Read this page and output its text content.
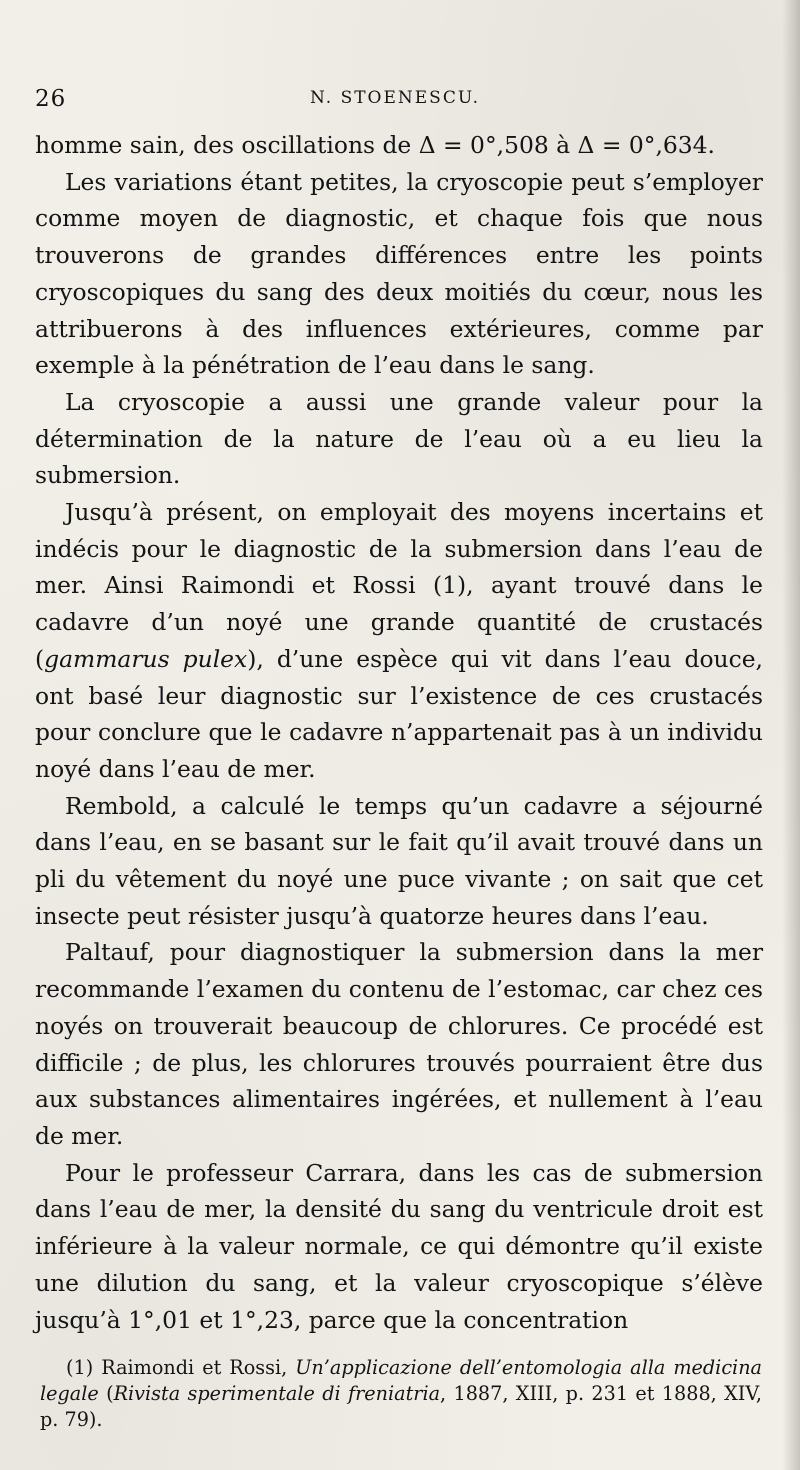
26	N. STOENESCU.

homme sain, des oscillations de Δ = 0°,508 à Δ = 0°,634.

Les variations étant petites, la cryoscopie peut s’employer comme moyen de diagnostic, et chaque fois que nous trouverons de grandes différences entre les points cryoscopiques du sang des deux moitiés du cœur, nous les attribuerons à des influences extérieures, comme par exemple à la pénétration de l’eau dans le sang.

La cryoscopie a aussi une grande valeur pour la détermination de la nature de l’eau où a eu lieu la submersion.

Jusqu’à présent, on employait des moyens incertains et indécis pour le diagnostic de la submersion dans l’eau de mer. Ainsi Raimondi et Rossi (1), ayant trouvé dans le cadavre d’un noyé une grande quantité de crustacés (gammarus pulex), d’une espèce qui vit dans l’eau douce, ont basé leur diagnostic sur l’existence de ces crustacés pour conclure que le cadavre n’appartenait pas à un individu noyé dans l’eau de mer.

Rembold, a calculé le temps qu’un cadavre a séjourné dans l’eau, en se basant sur le fait qu’il avait trouvé dans un pli du vêtement du noyé une puce vivante ; on sait que cet insecte peut résister jusqu’à quatorze heures dans l’eau.

Paltauf, pour diagnostiquer la submersion dans la mer recommande l’examen du contenu de l’estomac, car chez ces noyés on trouverait beaucoup de chlorures. Ce procédé est difficile ; de plus, les chlorures trouvés pourraient être dus aux substances alimentaires ingérées, et nullement à l’eau de mer.

Pour le professeur Carrara, dans les cas de submersion dans l’eau de mer, la densité du sang du ventricule droit est inférieure à la valeur normale, ce qui démontre qu’il existe une dilution du sang, et la valeur cryoscopique s’élève jusqu’à 1°,01 et 1°,23, parce que la concentration

(1) Raimondi et Rossi, Un’applicazione dell’entomologia alla medicina legale (Rivista sperimentale di freniatria, 1887, XIII, p. 231 et 1888, XIV, p. 79).
